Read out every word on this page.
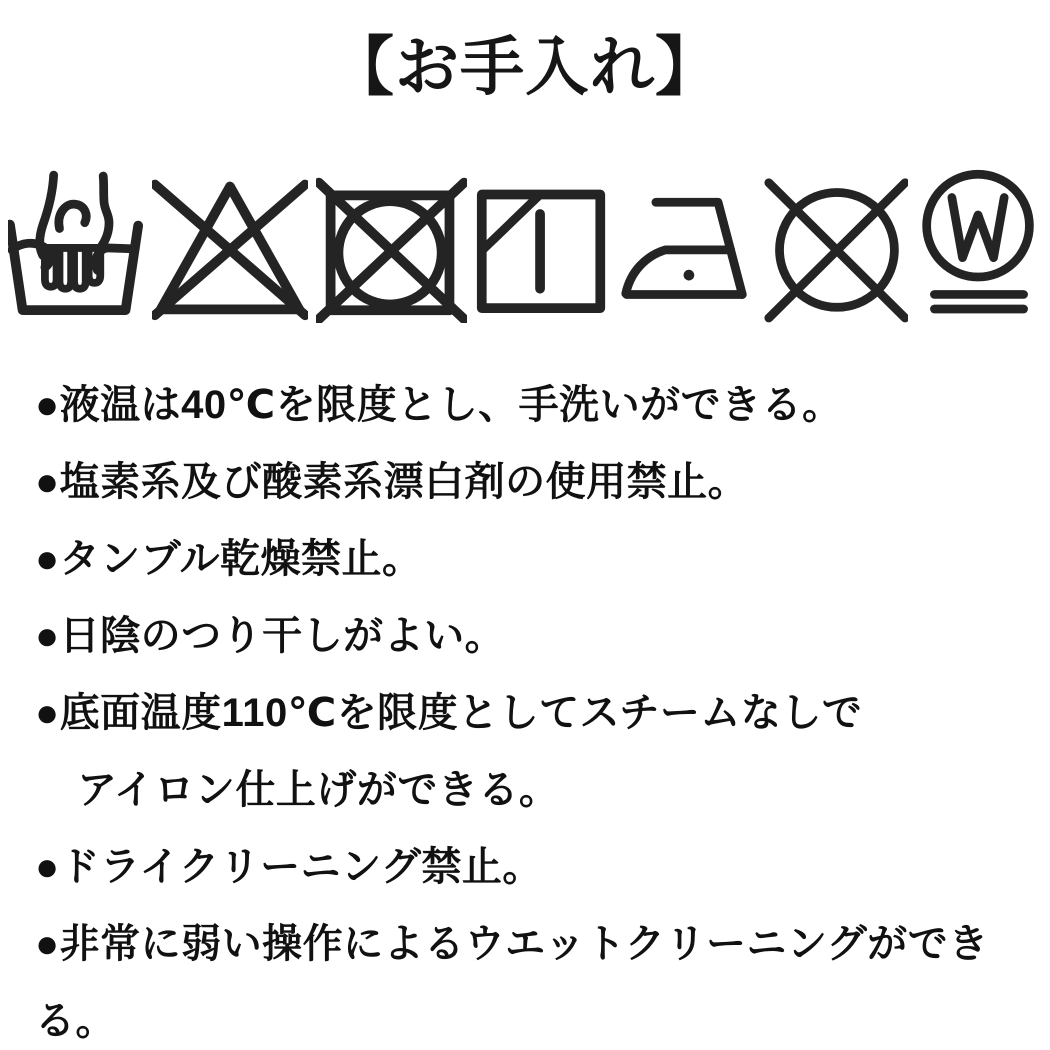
【お手入れ】
●液温は40℃を限度とし、手洗いができる。
●塩素系及び酸素系漂白剤の使用禁止。
●タンブル乾燥禁止。
●日陰のつり干しがよい。
●底面温度110℃を限度としてスチームなしで
アイロン仕上げができる。
●ドライクリーニング禁止。
●非常に弱い操作によるウエットクリーニングができる。
